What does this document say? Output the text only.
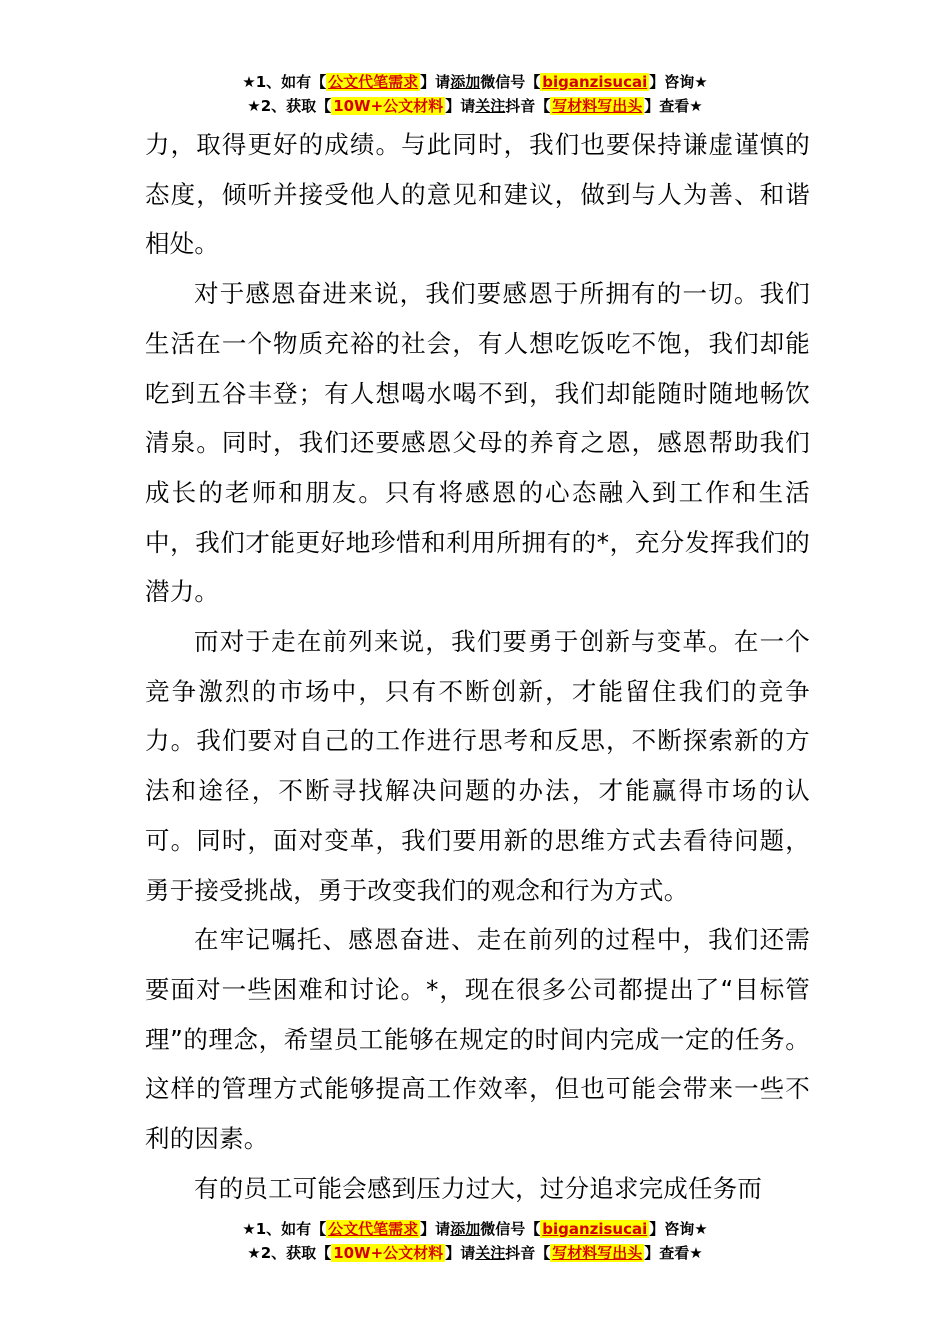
★1、如有【 公文代笔需求 】请添加微信号【 biganzisucai 】咨询★
★2、获取【 10W+公文材料 】请关注抖音【 写材料写出头 】查看★

力，取得更好的成绩。与此同时，我们也要保持谦虚谨慎的态度，倾听并接受他人的意见和建议，做到与人为善、和谐相处。

对于感恩奋进来说，我们要感恩于所拥有的一切。我们生活在一个物质充裕的社会，有人想吃饭吃不饱，我们却能吃到五谷丰登；有人想喝水喝不到，我们却能随时随地畅饮清泉。同时，我们还要感恩父母的养育之恩，感恩帮助我们成长的老师和朋友。只有将感恩的心态融入到工作和生活中，我们才能更好地珍惜和利用所拥有的*，充分发挥我们的潜力。

而对于走在前列来说，我们要勇于创新与变革。在一个竞争激烈的市场中，只有不断创新，才能留住我们的竞争力。我们要对自己的工作进行思考和反思，不断探索新的方法和途径，不断寻找解决问题的办法，才能赢得市场的认可。同时，面对变革，我们要用新的思维方式去看待问题，勇于接受挑战，勇于改变我们的观念和行为方式。

在牢记嘱托、感恩奋进、走在前列的过程中，我们还需要面对一些困难和讨论。*，现在很多公司都提出了“目标管理”的理念，希望员工能够在规定的时间内完成一定的任务。这样的管理方式能够提高工作效率，但也可能会带来一些不利的因素。

有的员工可能会感到压力过大，过分追求完成任务而

★1、如有【 公文代笔需求 】请添加微信号【 biganzisucai 】咨询★
★2、获取【 10W+公文材料 】请关注抖音【 写材料写出头 】查看★
